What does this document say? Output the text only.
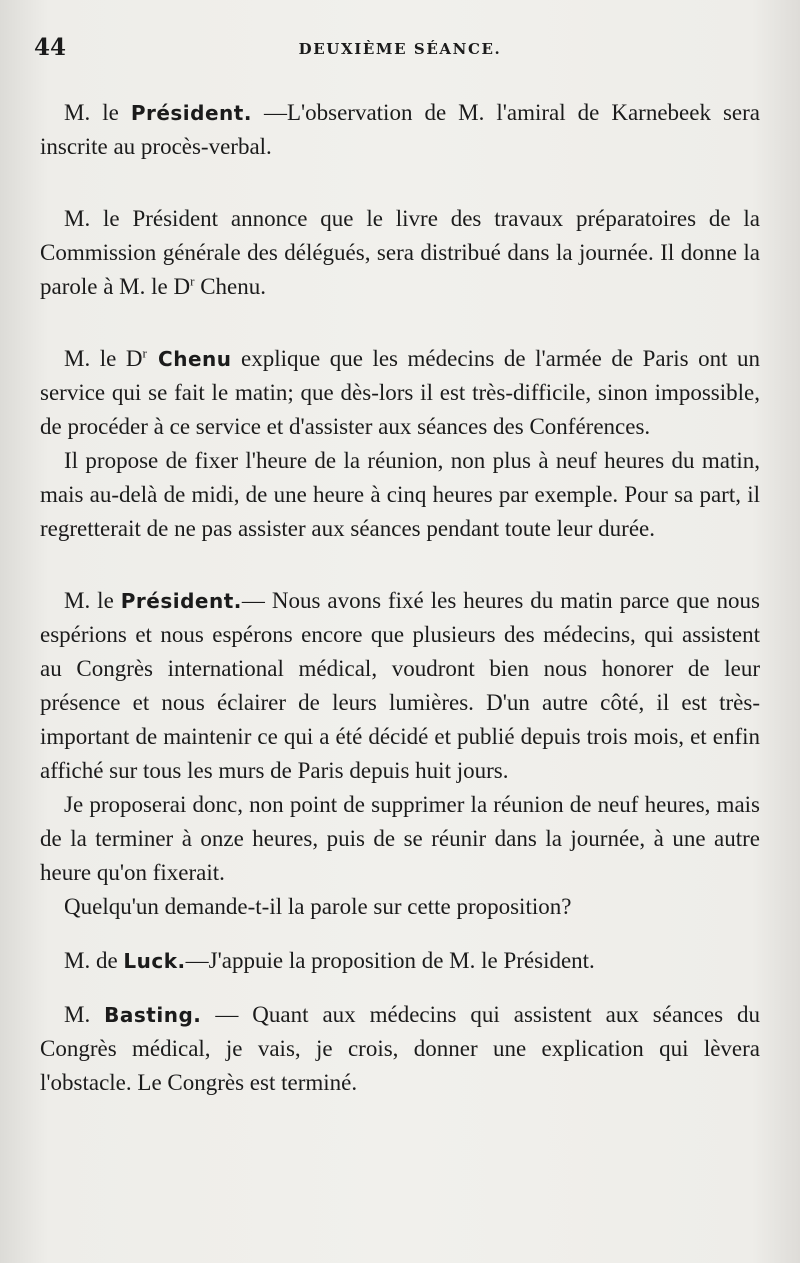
44	DEUXIÈME SÉANCE.

M. le Président. —L'observation de M. l'amiral de Karnebeek sera inscrite au procès-verbal.

M. le Président annonce que le livre des travaux préparatoires de la Commission générale des délégués, sera distribué dans la journée. Il donne la parole à M. le $D^r$ Chenu.

M. le $D^r$ Chenu explique que les médecins de l'armée de Paris ont un service qui se fait le matin; que dès-lors il est très-difficile, sinon impossible, de procéder à ce service et d'assister aux séances des Conférences.

Il propose de fixer l'heure de la réunion, non plus à neuf heures du matin, mais au-delà de midi, de une heure à cinq heures par exemple. Pour sa part, il regretterait de ne pas assister aux séances pendant toute leur durée.

M. le Président.— Nous avons fixé les heures du matin parce que nous espérions et nous espérons encore que plusieurs des médecins, qui assistent au Congrès international médical, voudront bien nous honorer de leur présence et nous éclairer de leurs lumières. D'un autre côté, il est très-important de maintenir ce qui a été décidé et publié depuis trois mois, et enfin affiché sur tous les murs de Paris depuis huit jours.

Je proposerai donc, non point de supprimer la réunion de neuf heures, mais de la terminer à onze heures, puis de se réunir dans la journée, à une autre heure qu'on fixerait.

Quelqu'un demande-t-il la parole sur cette proposition?

M. de Luck.—J'appuie la proposition de M. le Président.

M. Basting. — Quant aux médecins qui assistent aux séances du Congrès médical, je vais, je crois, donner une explication qui lèvera l'obstacle. Le Congrès est terminé.
